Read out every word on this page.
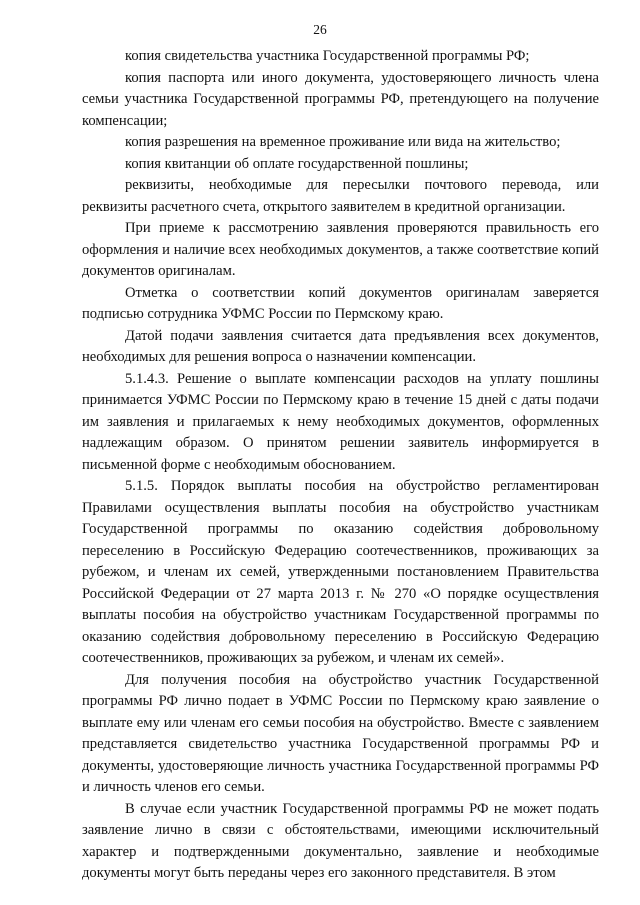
26

копия свидетельства участника Государственной программы РФ;

копия паспорта или иного документа, удостоверяющего личность члена семьи участника Государственной программы РФ, претендующего на получение компенсации;

копия разрешения на временное проживание или вида на жительство;

копия квитанции об оплате государственной пошлины;

реквизиты, необходимые для пересылки почтового перевода, или реквизиты расчетного счета, открытого заявителем в кредитной организации.

При приеме к рассмотрению заявления проверяются правильность его оформления и наличие всех необходимых документов, а также соответствие копий документов оригиналам.

Отметка о соответствии копий документов оригиналам заверяется подписью сотрудника УФМС России по Пермскому краю.

Датой подачи заявления считается дата предъявления всех документов, необходимых для решения вопроса о назначении компенсации.

5.1.4.3. Решение о выплате компенсации расходов на уплату пошлины принимается УФМС России по Пермскому краю в течение 15 дней с даты подачи им заявления и прилагаемых к нему необходимых документов, оформленных надлежащим образом. О принятом решении заявитель информируется в письменной форме с необходимым обоснованием.

5.1.5. Порядок выплаты пособия на обустройство регламентирован Правилами осуществления выплаты пособия на обустройство участникам Государственной программы по оказанию содействия добровольному переселению в Российскую Федерацию соотечественников, проживающих за рубежом, и членам их семей, утвержденными постановлением Правительства Российской Федерации от 27 марта 2013 г. № 270 «О порядке осуществления выплаты пособия на обустройство участникам Государственной программы по оказанию содействия добровольному переселению в Российскую Федерацию соотечественников, проживающих за рубежом, и членам их семей».

Для получения пособия на обустройство участник Государственной программы РФ лично подает в УФМС России по Пермскому краю заявление о выплате ему или членам его семьи пособия на обустройство. Вместе с заявлением представляется свидетельство участника Государственной программы РФ и документы, удостоверяющие личность участника Государственной программы РФ и личность членов его семьи.

В случае если участник Государственной программы РФ не может подать заявление лично в связи с обстоятельствами, имеющими исключительный характер и подтвержденными документально, заявление и необходимые документы могут быть переданы через его законного представителя. В этом
